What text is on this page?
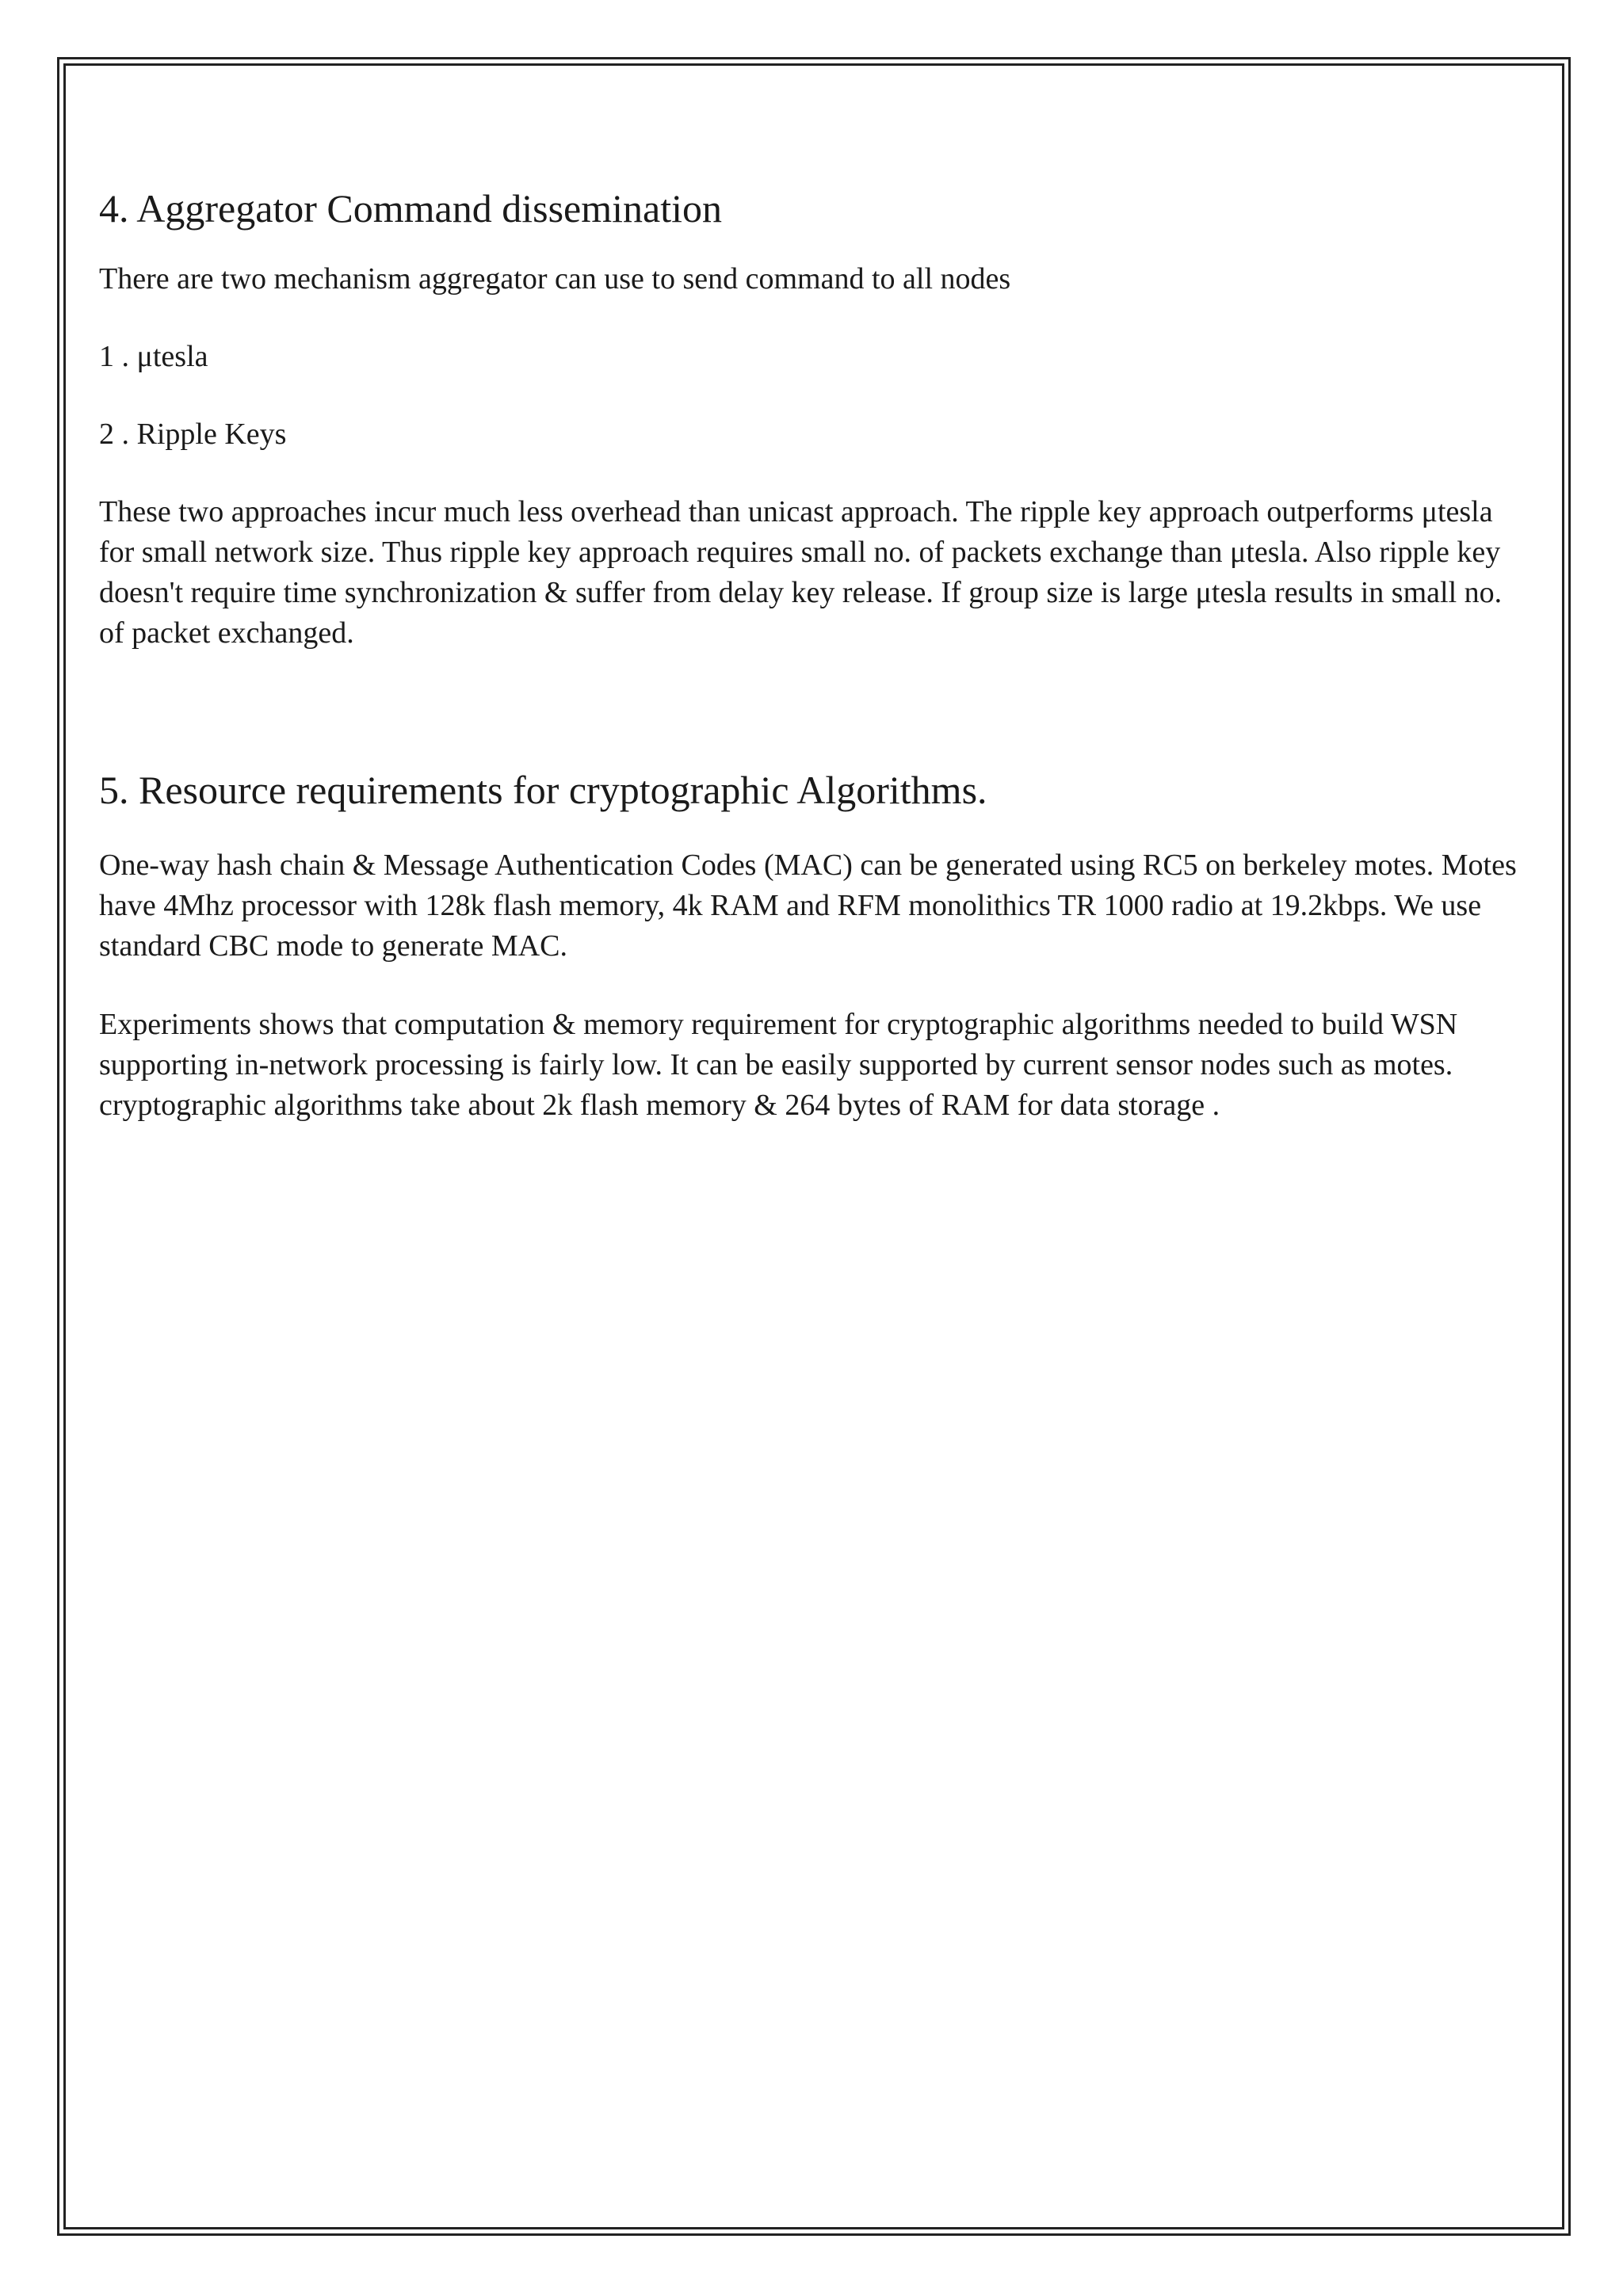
4. Aggregator Command dissemination

There are two mechanism aggregator can use to send command to all nodes

1 . μtesla

2 . Ripple Keys

These two approaches incur much less overhead than unicast approach. The ripple key approach outperforms μtesla for small network size. Thus ripple key approach requires small no. of packets exchange than μtesla. Also ripple key doesn't require time synchronization & suffer from delay key release. If group size is large μtesla results in small no. of packet exchanged.

5. Resource requirements for cryptographic Algorithms.

One-way hash chain & Message Authentication Codes (MAC) can be generated using RC5 on berkeley motes. Motes have 4Mhz processor with 128k flash memory, 4k RAM and RFM monolithics TR 1000 radio at 19.2kbps. We use standard CBC mode to generate MAC.

Experiments shows that computation & memory requirement for cryptographic algorithms needed to build WSN supporting in-network processing is fairly low. It can be easily supported by current sensor nodes such as motes. cryptographic algorithms take about 2k flash memory & 264 bytes of RAM for data storage .
